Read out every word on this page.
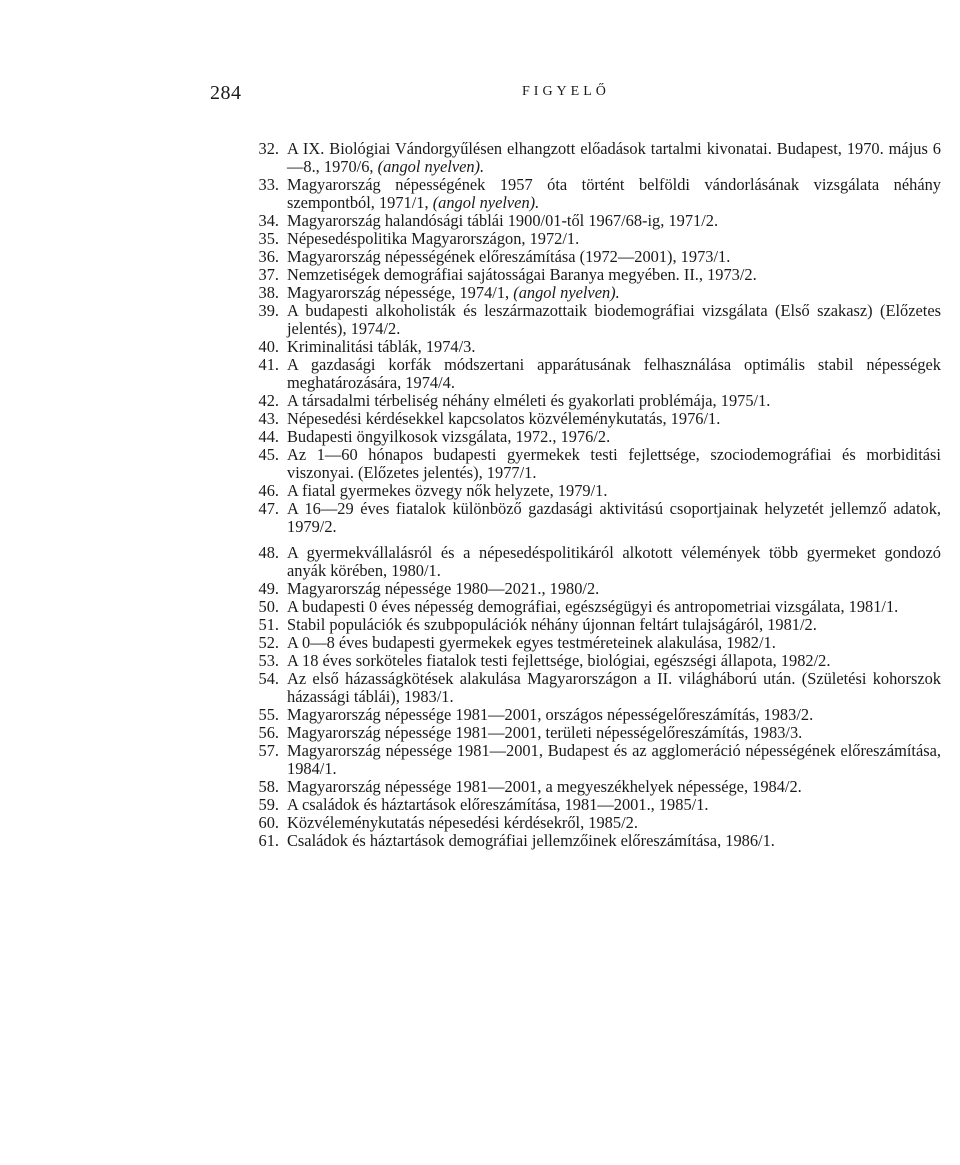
284	FIGYELŐ
32. A IX. Biológiai Vándorgyűlésen elhangzott előadások tartalmi kivonatai. Budapest, 1970. május 6—8., 1970/6, (angol nyelven).
33. Magyarország népességének 1957 óta történt belföldi vándorlásának vizsgálata néhány szempontból, 1971/1, (angol nyelven).
34. Magyarország halandósági táblái 1900/01-től 1967/68-ig, 1971/2.
35. Népesedéspolitika Magyarországon, 1972/1.
36. Magyarország népességének előreszámítása (1972—2001), 1973/1.
37. Nemzetiségek demográfiai sajátosságai Baranya megyében. II., 1973/2.
38. Magyarország népessége, 1974/1, (angol nyelven).
39. A budapesti alkoholisták és leszármazottaik biodemográfiai vizsgálata (Első szakasz) (Előzetes jelentés), 1974/2.
40. Kriminalitási táblák, 1974/3.
41. A gazdasági korfák módszertani apparátusának felhasználása optimális stabil népességek meghatározására, 1974/4.
42. A társadalmi térbeliség néhány elméleti és gyakorlati problémája, 1975/1.
43. Népesedési kérdésekkel kapcsolatos közvéleménykutatás, 1976/1.
44. Budapesti öngyilkosok vizsgálata, 1972., 1976/2.
45. Az 1—60 hónapos budapesti gyermekek testi fejlettsége, szociodemográfiai és morbiditási viszonyai. (Előzetes jelentés), 1977/1.
46. A fiatal gyermekes özvegy nők helyzete, 1979/1.
47. A 16—29 éves fiatalok különböző gazdasági aktivitású csoportjainak helyzetét jellemző adatok, 1979/2.
48. A gyermekvállalásról és a népesedéspolitikáról alkotott vélemények több gyermeket gondozó anyák körében, 1980/1.
49. Magyarország népessége 1980—2021., 1980/2.
50. A budapesti 0 éves népesség demográfiai, egészségügyi és antropometriai vizsgálata, 1981/1.
51. Stabil populációk és szubpopulációk néhány újonnan feltárt tulajságáról, 1981/2.
52. A 0—8 éves budapesti gyermekek egyes testméreteinek alakulása, 1982/1.
53. A 18 éves sorköteles fiatalok testi fejlettsége, biológiai, egészségi állapota, 1982/2.
54. Az első házasságkötések alakulása Magyarországon a II. világháború után. (Születési kohorszok házassági táblái), 1983/1.
55. Magyarország népessége 1981—2001, országos népességelőreszámítás, 1983/2.
56. Magyarország népessége 1981—2001, területi népességelőreszámítás, 1983/3.
57. Magyarország népessége 1981—2001, Budapest és az agglomeráció népességének előreszámítása, 1984/1.
58. Magyarország népessége 1981—2001, a megyeszékhelyek népessége, 1984/2.
59. A családok és háztartások előreszámítása, 1981—2001., 1985/1.
60. Közvéleménykutatás népesedési kérdésekről, 1985/2.
61. Családok és háztartások demográfiai jellemzőinek előreszámítása, 1986/1.
